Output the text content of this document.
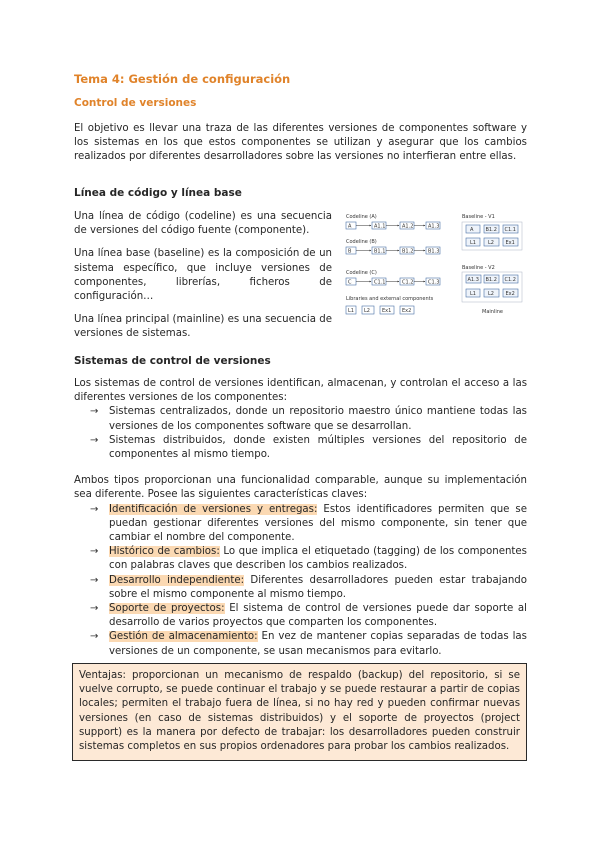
Tema 4: Gestión de configuración
Control de versiones

El objetivo es llevar una traza de las diferentes versiones de componentes software y los sistemas en los que estos componentes se utilizan y asegurar que los cambios realizados por diferentes desarrolladores sobre las versiones no interfieran entre ellas.

Línea de código y línea base

Una línea de código (codeline) es una secuencia de versiones del código fuente (componente).

Una línea base (baseline) es la composición de un sistema específico, que incluye versiones de componentes, librerías, ficheros de configuración…

Una línea principal (mainline) es una secuencia de versiones de sistemas.

Codeline (A)
A	A1.1	A1.2	A1.3
Codeline (B)
B	B1.1	B1.2	B1.3
Codeline (C)
C	C1.1	C1.2	C1.3
Libraries and external components
L1 L2 Ex1 Ex2
Baseline - V1
A B1.2 C1.1
L1 L2 Ex1
Baseline - V2
A1.3 B1.2 C1.2
L1 L2 Ex2
Mainline
Sistemas de control de versiones

Los sistemas de control de versiones identifican, almacenan, y controlan el acceso a las diferentes versiones de los componentes:

→ Sistemas centralizados, donde un repositorio maestro único mantiene todas las versiones de los componentes software que se desarrollan.
→ Sistemas distribuidos, donde existen múltiples versiones del repositorio de componentes al mismo tiempo.

Ambos tipos proporcionan una funcionalidad comparable, aunque su implementación sea diferente. Posee las siguientes características claves:

→ Identificación de versiones y entregas: Estos identificadores permiten que se puedan gestionar diferentes versiones del mismo componente, sin tener que cambiar el nombre del componente.
→ Histórico de cambios: Lo que implica el etiquetado (tagging) de los componentes con palabras claves que describen los cambios realizados.
→ Desarrollo independiente: Diferentes desarrolladores pueden estar trabajando sobre el mismo componente al mismo tiempo.
→ Soporte de proyectos: El sistema de control de versiones puede dar soporte al desarrollo de varios proyectos que comparten los componentes.
→ Gestión de almacenamiento: En vez de mantener copias separadas de todas las versiones de un componente, se usan mecanismos para evitarlo.

Ventajas: proporcionan un mecanismo de respaldo (backup) del repositorio, si se vuelve corrupto, se puede continuar el trabajo y se puede restaurar a partir de copias locales; permiten el trabajo fuera de línea, si no hay red y pueden confirmar nuevas versiones (en caso de sistemas distribuidos) y el soporte de proyectos (project support) es la manera por defecto de trabajar: los desarrolladores pueden construir sistemas completos en sus propios ordenadores para probar los cambios realizados.
